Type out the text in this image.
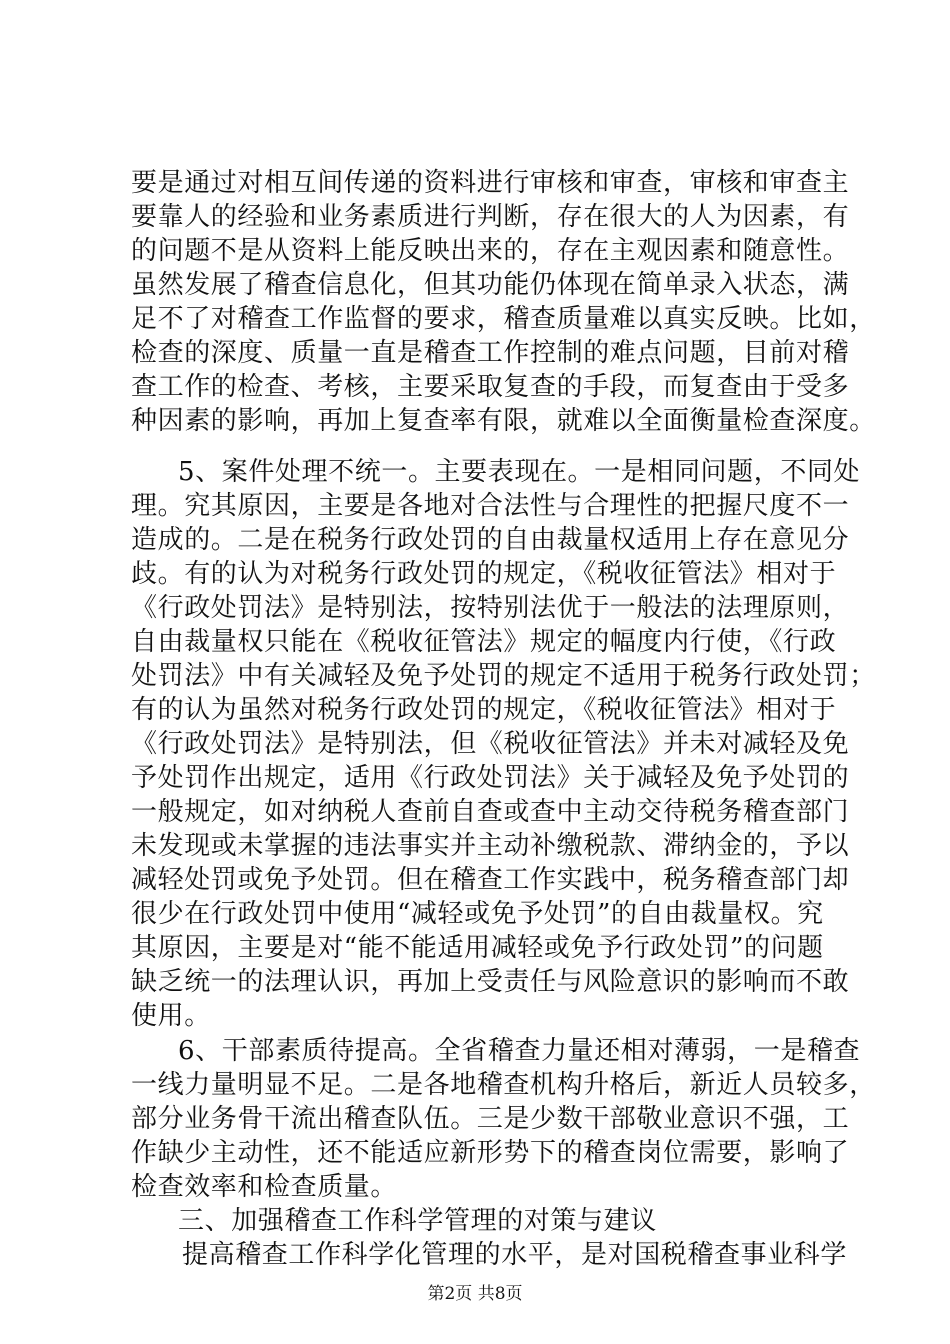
要是通过对相互间传递的资料进行审核和审查，审核和审查主
要靠人的经验和业务素质进行判断，存在很大的人为因素，有
的问题不是从资料上能反映出来的，存在主观因素和随意性。
虽然发展了稽查信息化，但其功能仍体现在简单录入状态，满
足不了对稽查工作监督的要求，稽查质量难以真实反映。比如，
检查的深度、质量一直是稽查工作控制的难点问题，目前对稽
查工作的检查、考核，主要采取复查的手段，而复查由于受多
种因素的影响，再加上复查率有限，就难以全面衡量检查深度。
5、案件处理不统一。主要表现在。一是相同问题，不同处
理。究其原因，主要是各地对合法性与合理性的把握尺度不一
造成的。二是在税务行政处罚的自由裁量权适用上存在意见分
歧。有的认为对税务行政处罚的规定，《税收征管法》相对于
《行政处罚法》是特别法，按特别法优于一般法的法理原则，
自由裁量权只能在《税收征管法》规定的幅度内行使，《行政
处罚法》中有关减轻及免予处罚的规定不适用于税务行政处罚；
有的认为虽然对税务行政处罚的规定，《税收征管法》相对于
《行政处罚法》是特别法，但《税收征管法》并未对减轻及免
予处罚作出规定，适用《行政处罚法》关于减轻及免予处罚的
一般规定，如对纳税人查前自查或查中主动交待税务稽查部门
未发现或未掌握的违法事实并主动补缴税款、滞纳金的，予以
减轻处罚或免予处罚。但在稽查工作实践中，税务稽查部门却
很少在行政处罚中使用“减轻或免予处罚”的自由裁量权。究
其原因，主要是对“能不能适用减轻或免予行政处罚”的问题
缺乏统一的法理认识，再加上受责任与风险意识的影响而不敢
使用。
6、干部素质待提高。全省稽查力量还相对薄弱，一是稽查
一线力量明显不足。二是各地稽查机构升格后，新近人员较多，
部分业务骨干流出稽查队伍。三是少数干部敬业意识不强，工
作缺少主动性，还不能适应新形势下的稽查岗位需要，影响了
检查效率和检查质量。
三、加强稽查工作科学管理的对策与建议
提高稽查工作科学化管理的水平，是对国税稽查事业科学
第2页 共8页
